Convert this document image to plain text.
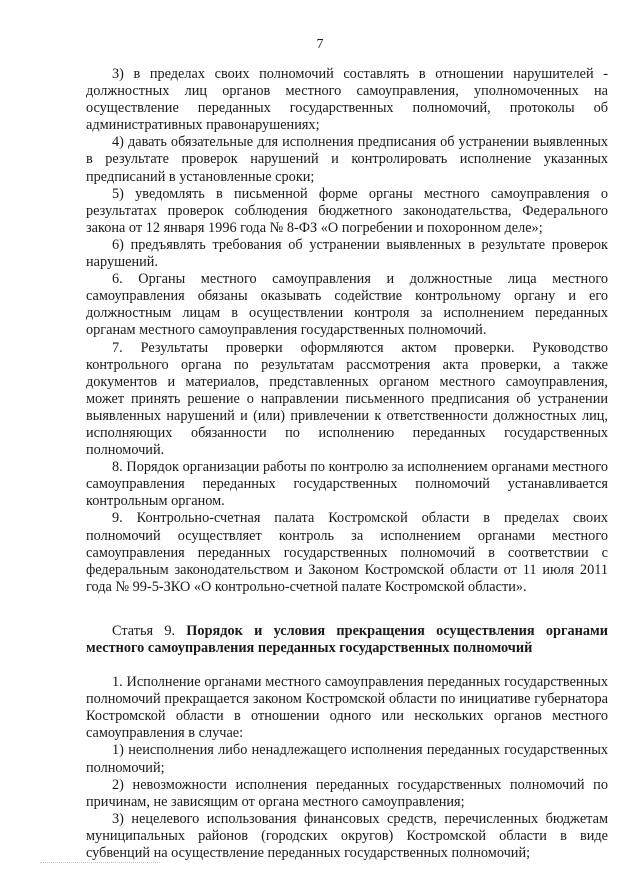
7

3) в пределах своих полномочий составлять в отношении нарушителей - должностных лиц органов местного самоуправления, уполномоченных на осуществление переданных государственных полномочий, протоколы об административных правонарушениях;

4) давать обязательные для исполнения предписания об устранении выявленных в результате проверок нарушений и контролировать исполнение указанных предписаний в установленные сроки;

5) уведомлять в письменной форме органы местного самоуправления о результатах проверок соблюдения бюджетного законодательства, Федерального закона от 12 января 1996 года № 8-ФЗ «О погребении и похоронном деле»;

6) предъявлять требования об устранении выявленных в результате проверок нарушений.

6. Органы местного самоуправления и должностные лица местного самоуправления обязаны оказывать содействие контрольному органу и его должностным лицам в осуществлении контроля за исполнением переданных органам местного самоуправления государственных полномочий.

7. Результаты проверки оформляются актом проверки. Руководство контрольного органа по результатам рассмотрения акта проверки, а также документов и материалов, представленных органом местного самоуправления, может принять решение о направлении письменного предписания об устранении выявленных нарушений и (или) привлечении к ответственности должностных лиц, исполняющих обязанности по исполнению переданных государственных полномочий.

8. Порядок организации работы по контролю за исполнением органами местного самоуправления переданных государственных полномочий устанавливается контрольным органом.

9. Контрольно-счетная палата Костромской области в пределах своих полномочий осуществляет контроль за исполнением органами местного самоуправления переданных государственных полномочий в соответствии с федеральным законодательством и Законом Костромской области от 11 июля 2011 года № 99-5-ЗКО «О контрольно-счетной палате Костромской области».

Статья 9. Порядок и условия прекращения осуществления органами местного самоуправления переданных государственных полномочий

1. Исполнение органами местного самоуправления переданных государственных полномочий прекращается законом Костромской области по инициативе губернатора Костромской области в отношении одного или нескольких органов местного самоуправления в случае:

1) неисполнения либо ненадлежащего исполнения переданных государственных полномочий;

2) невозможности исполнения переданных государственных полномочий по причинам, не зависящим от органа местного самоуправления;

3) нецелевого использования финансовых средств, перечисленных бюджетам муниципальных районов (городских округов) Костромской области в виде субвенций на осуществление переданных государственных полномочий;
